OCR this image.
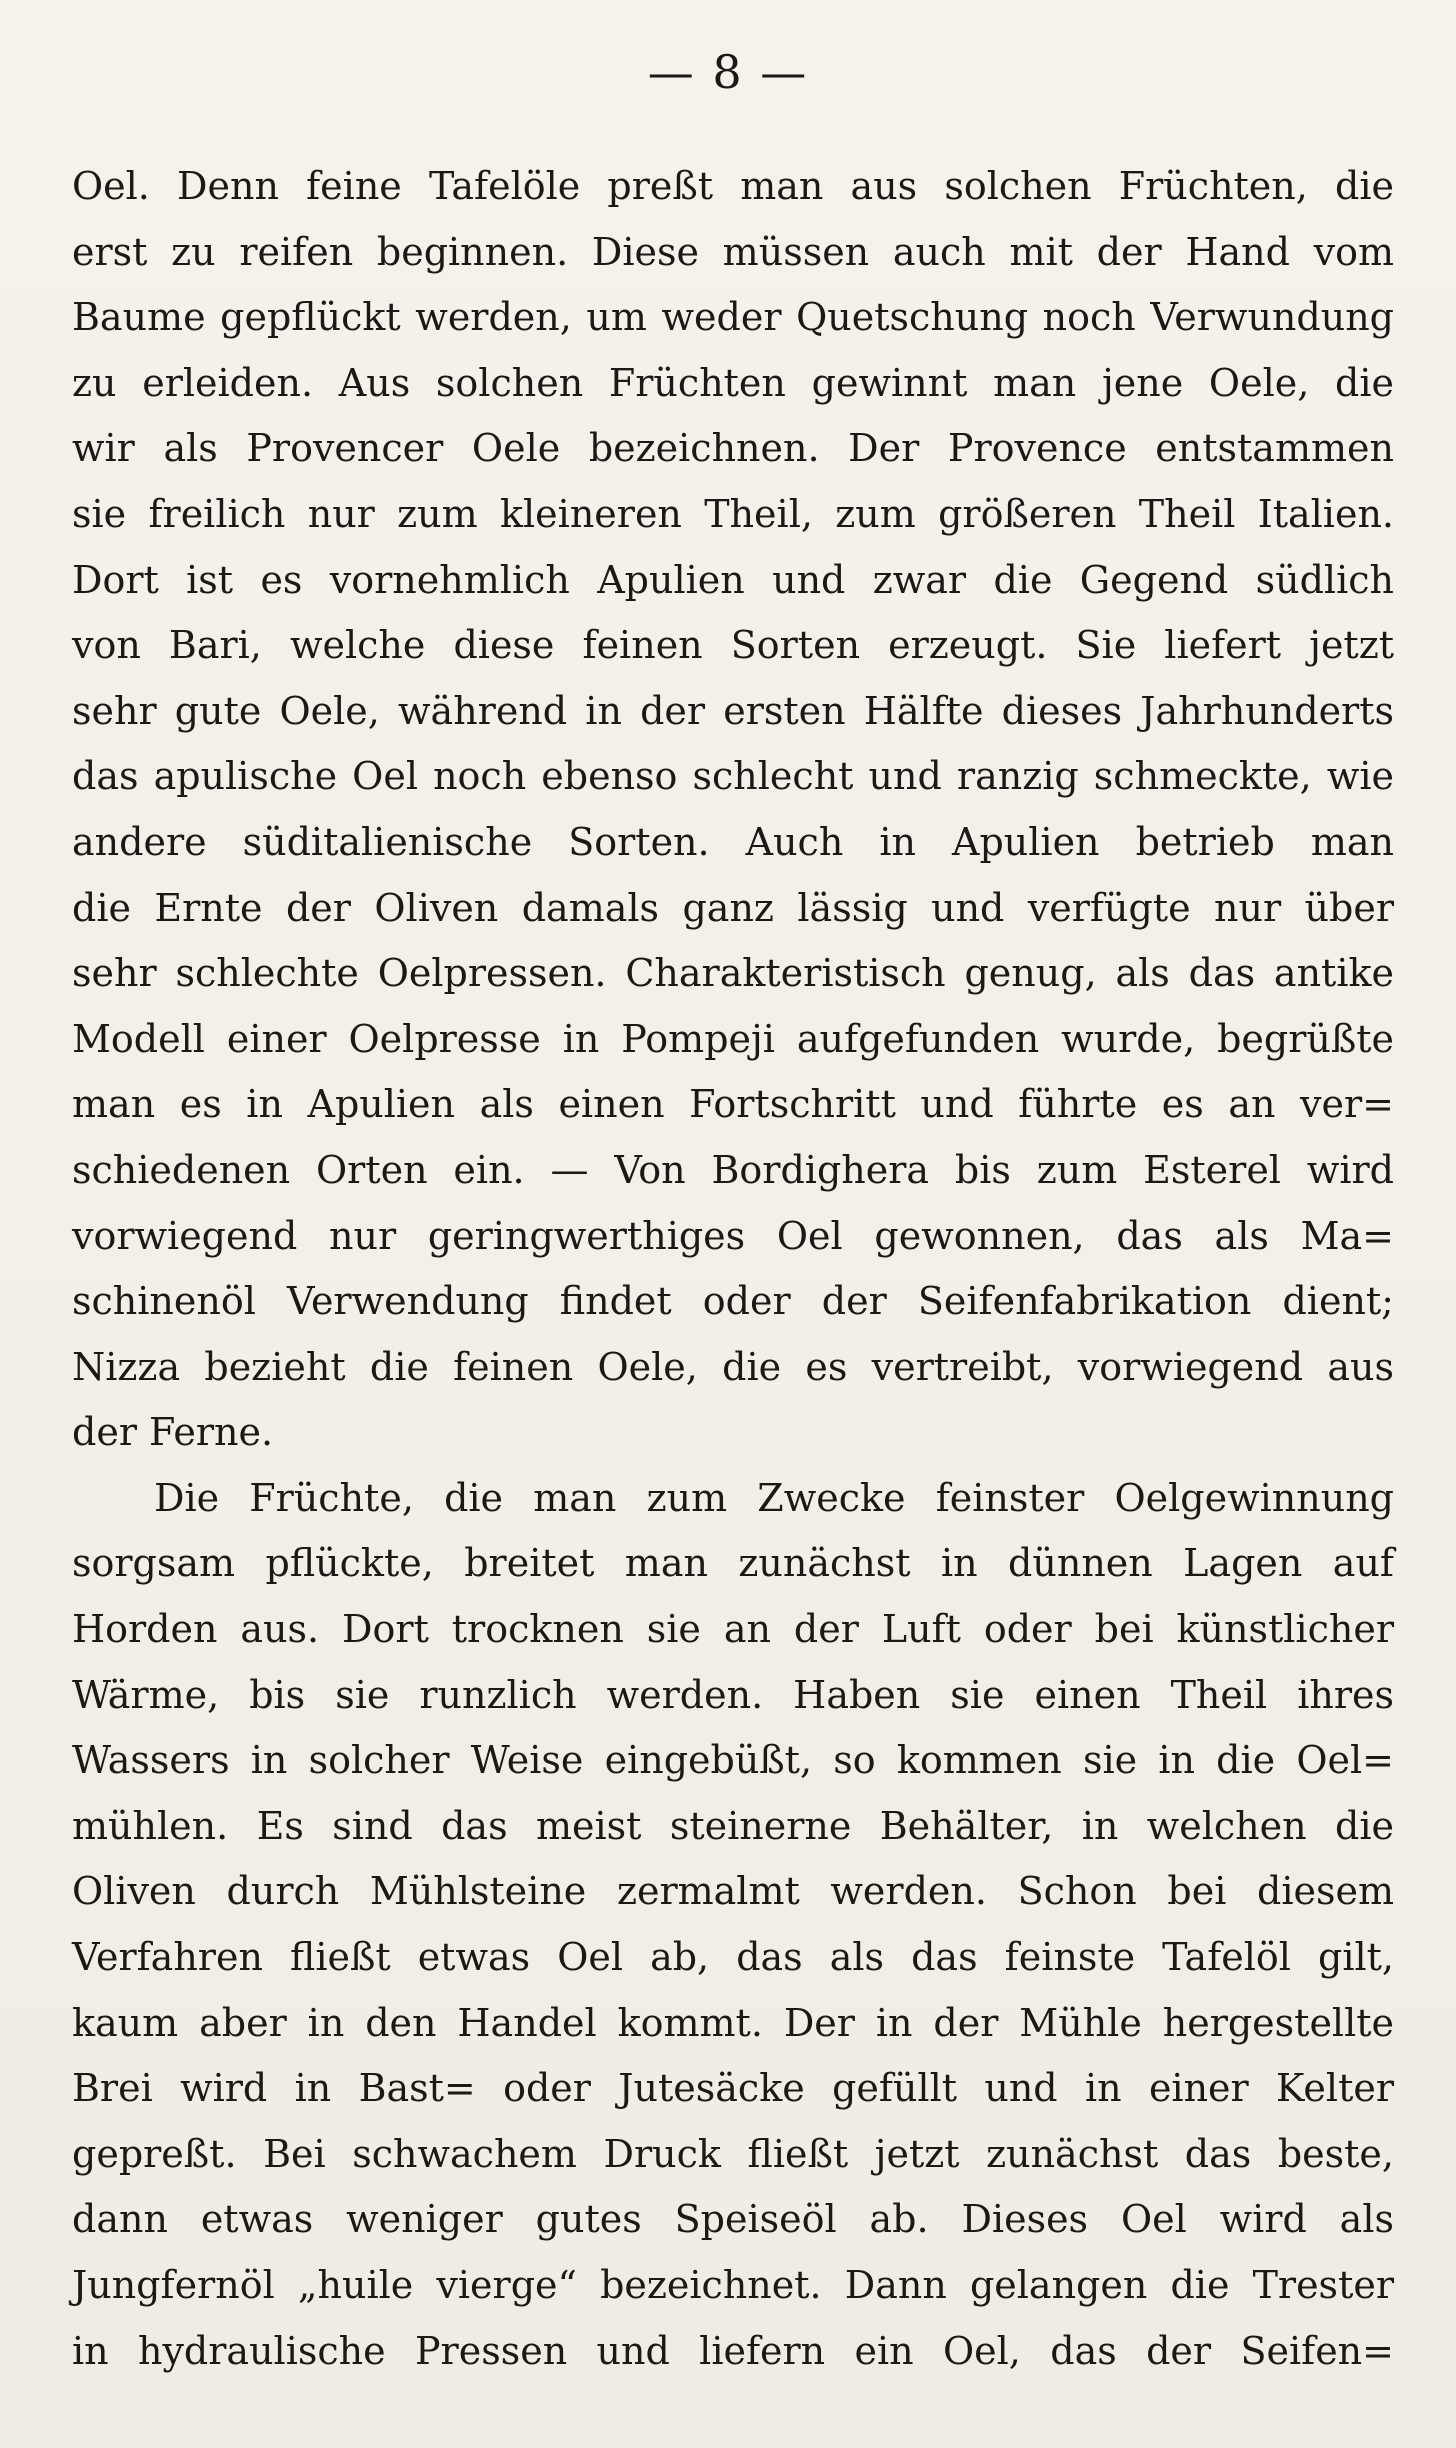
— 8 —
Oel. Denn feine Tafelöle preßt man aus solchen Früchten, die
erst zu reifen beginnen. Diese müssen auch mit der Hand vom
Baume gepflückt werden, um weder Quetschung noch Verwundung
zu erleiden. Aus solchen Früchten gewinnt man jene Oele, die
wir als Provencer Oele bezeichnen. Der Provence entstammen
sie freilich nur zum kleineren Theil, zum größeren Theil Italien.
Dort ist es vornehmlich Apulien und zwar die Gegend südlich
von Bari, welche diese feinen Sorten erzeugt. Sie liefert jetzt
sehr gute Oele, während in der ersten Hälfte dieses Jahrhunderts
das apulische Oel noch ebenso schlecht und ranzig schmeckte, wie
andere süditalienische Sorten. Auch in Apulien betrieb man
die Ernte der Oliven damals ganz lässig und verfügte nur über
sehr schlechte Oelpressen. Charakteristisch genug, als das antike
Modell einer Oelpresse in Pompeji aufgefunden wurde, begrüßte
man es in Apulien als einen Fortschritt und führte es an ver=
schiedenen Orten ein. — Von Bordighera bis zum Esterel wird
vorwiegend nur geringwerthiges Oel gewonnen, das als Ma=
schinenöl Verwendung findet oder der Seifenfabrikation dient;
Nizza bezieht die feinen Oele, die es vertreibt, vorwiegend aus
der Ferne.
Die Früchte, die man zum Zwecke feinster Oelgewinnung
sorgsam pflückte, breitet man zunächst in dünnen Lagen auf
Horden aus. Dort trocknen sie an der Luft oder bei künstlicher
Wärme, bis sie runzlich werden. Haben sie einen Theil ihres
Wassers in solcher Weise eingebüßt, so kommen sie in die Oel=
mühlen. Es sind das meist steinerne Behälter, in welchen die
Oliven durch Mühlsteine zermalmt werden. Schon bei diesem
Verfahren fließt etwas Oel ab, das als das feinste Tafelöl gilt,
kaum aber in den Handel kommt. Der in der Mühle hergestellte
Brei wird in Bast= oder Jutesäcke gefüllt und in einer Kelter
gepreßt. Bei schwachem Druck fließt jetzt zunächst das beste,
dann etwas weniger gutes Speiseöl ab. Dieses Oel wird als
Jungfernöl „huile vierge“ bezeichnet. Dann gelangen die Trester
in hydraulische Pressen und liefern ein Oel, das der Seifen=
